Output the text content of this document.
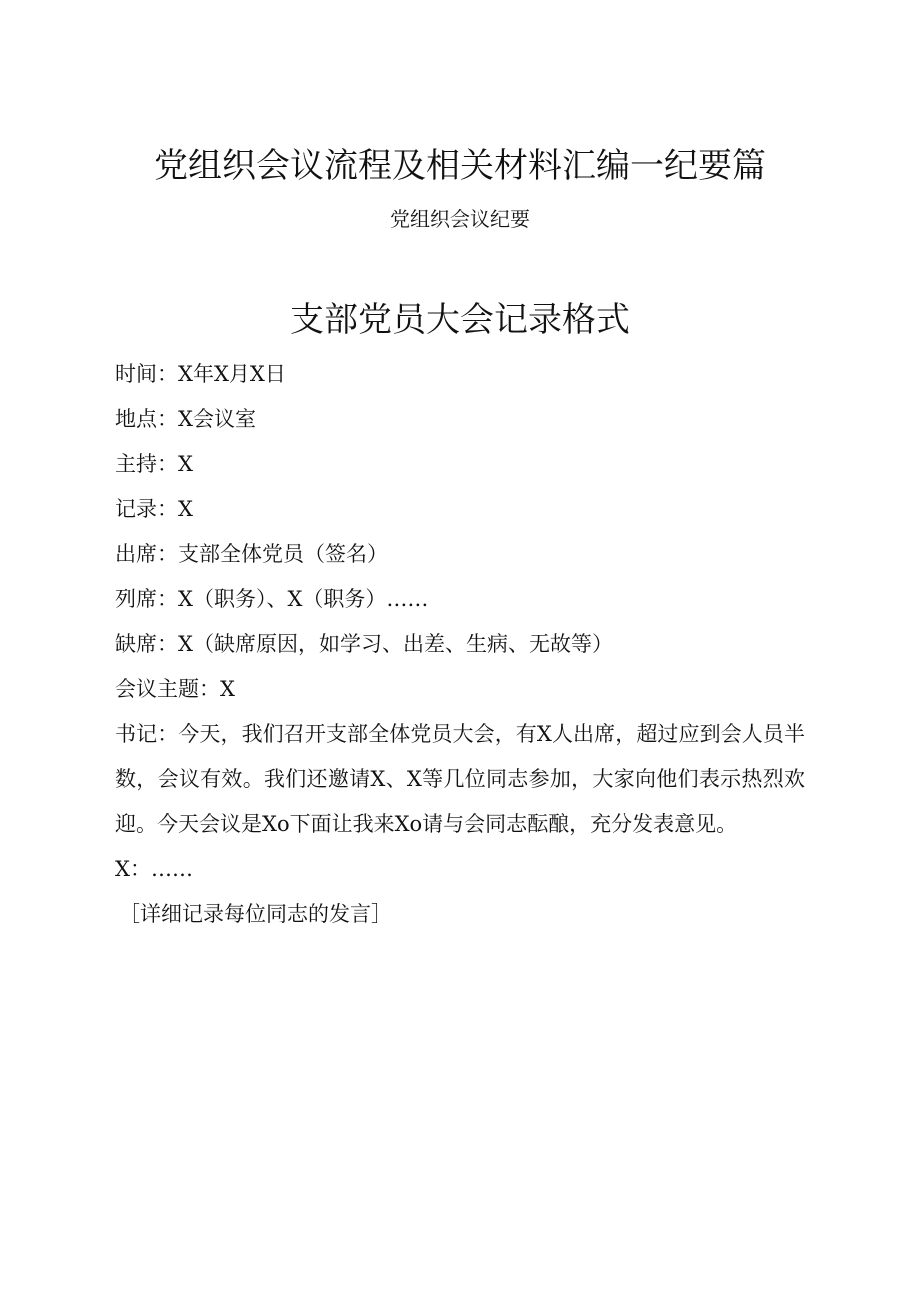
党组织会议流程及相关材料汇编一纪要篇
党组织会议纪要
支部党员大会记录格式
时间：X年X月X日
地点：X会议室
主持：X
记录：X
出席：支部全体党员（签名）
列席：X（职务）、X（职务）……
缺席：X（缺席原因，如学习、出差、生病、无故等）
会议主题：X
书记：今天，我们召开支部全体党员大会，有X人出席，超过应到会人员半数，会议有效。我们还邀请X、X等几位同志参加，大家向他们表示热烈欢迎。今天会议是Xo下面让我来Xo请与会同志酝酿，充分发表意见。
X：……
［详细记录每位同志的发言］
